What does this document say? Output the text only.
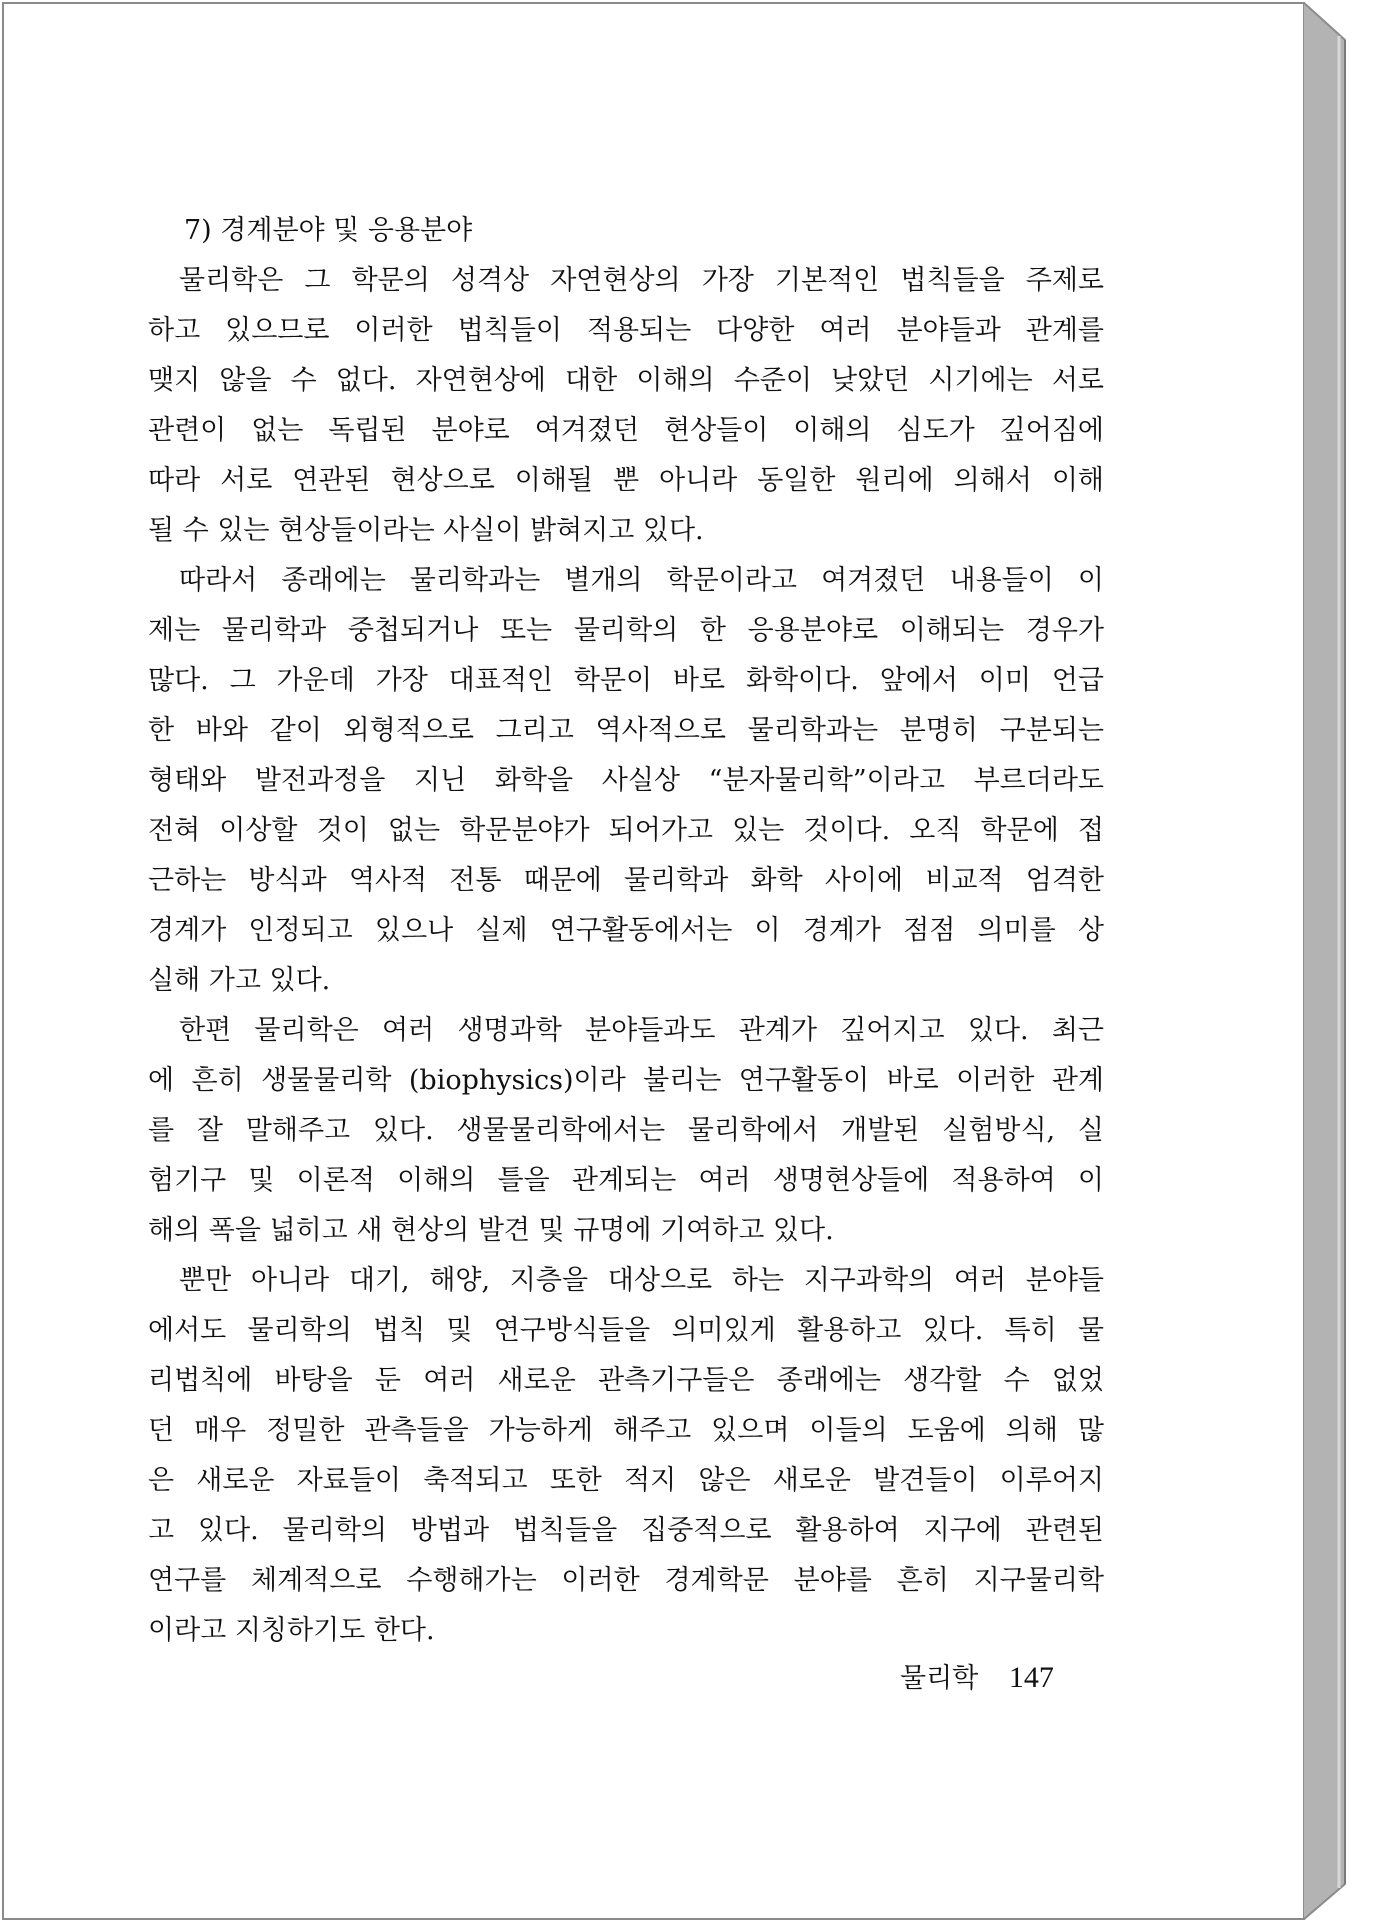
7) 경계분야 및 응용분야
물리학은 그 학문의 성격상 자연현상의 가장 기본적인 법칙들을 주제로
하고 있으므로 이러한 법칙들이 적용되는 다양한 여러 분야들과 관계를
맺지 않을 수 없다. 자연현상에 대한 이해의 수준이 낮았던 시기에는 서로
관련이 없는 독립된 분야로 여겨졌던 현상들이 이해의 심도가 깊어짐에
따라 서로 연관된 현상으로 이해될 뿐 아니라 동일한 원리에 의해서 이해
될 수 있는 현상들이라는 사실이 밝혀지고 있다.
따라서 종래에는 물리학과는 별개의 학문이라고 여겨졌던 내용들이 이
제는 물리학과 중첩되거나 또는 물리학의 한 응용분야로 이해되는 경우가
많다. 그 가운데 가장 대표적인 학문이 바로 화학이다. 앞에서 이미 언급
한 바와 같이 외형적으로 그리고 역사적으로 물리학과는 분명히 구분되는
형태와 발전과정을 지닌 화학을 사실상 “분자물리학”이라고 부르더라도
전혀 이상할 것이 없는 학문분야가 되어가고 있는 것이다. 오직 학문에 접
근하는 방식과 역사적 전통 때문에 물리학과 화학 사이에 비교적 엄격한
경계가 인정되고 있으나 실제 연구활동에서는 이 경계가 점점 의미를 상
실해 가고 있다.
한편 물리학은 여러 생명과학 분야들과도 관계가 깊어지고 있다. 최근
에 흔히 생물물리학 (biophysics)이라 불리는 연구활동이 바로 이러한 관계
를 잘 말해주고 있다. 생물물리학에서는 물리학에서 개발된 실험방식, 실
험기구 및 이론적 이해의 틀을 관계되는 여러 생명현상들에 적용하여 이
해의 폭을 넓히고 새 현상의 발견 및 규명에 기여하고 있다.
뿐만 아니라 대기, 해양, 지층을 대상으로 하는 지구과학의 여러 분야들
에서도 물리학의 법칙 및 연구방식들을 의미있게 활용하고 있다. 특히 물
리법칙에 바탕을 둔 여러 새로운 관측기구들은 종래에는 생각할 수 없었
던 매우 정밀한 관측들을 가능하게 해주고 있으며 이들의 도움에 의해 많
은 새로운 자료들이 축적되고 또한 적지 않은 새로운 발견들이 이루어지
고 있다. 물리학의 방법과 법칙들을 집중적으로 활용하여 지구에 관련된
연구를 체계적으로 수행해가는 이러한 경계학문 분야를 흔히 지구물리학
이라고 지칭하기도 한다.
물리학 147
